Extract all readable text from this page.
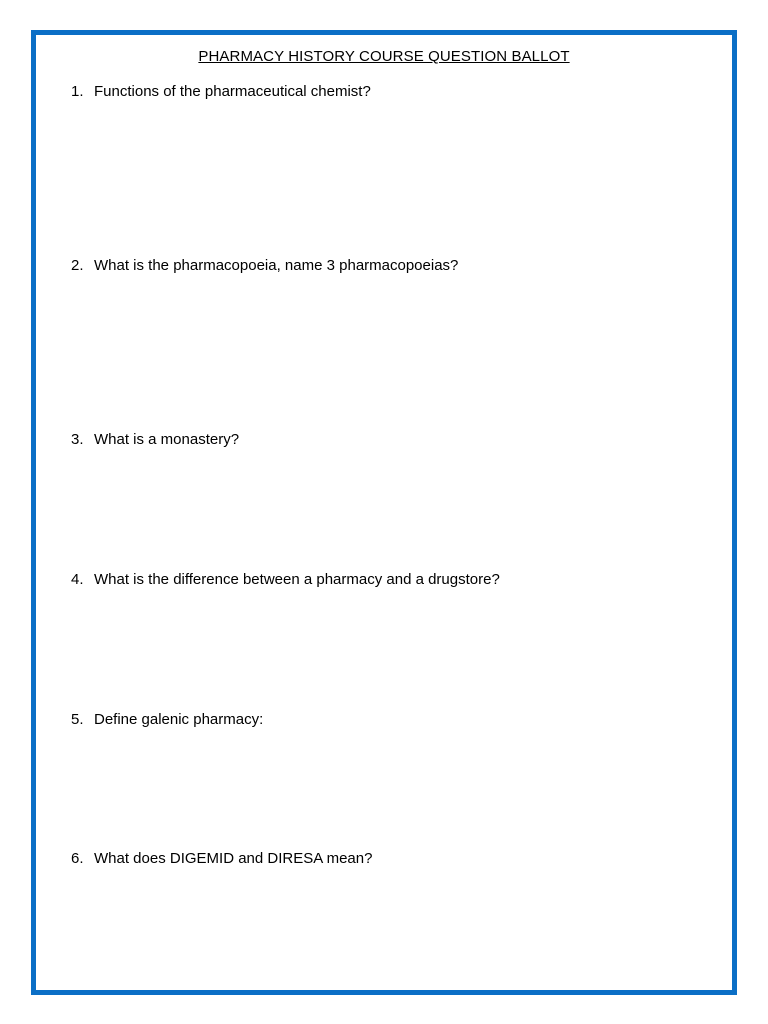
PHARMACY HISTORY COURSE QUESTION BALLOT
1. Functions of the pharmaceutical chemist?
2. What is the pharmacopoeia, name 3 pharmacopoeias?
3. What is a monastery?
4. What is the difference between a pharmacy and a drugstore?
5. Define galenic pharmacy:
6. What does DIGEMID and DIRESA mean?
